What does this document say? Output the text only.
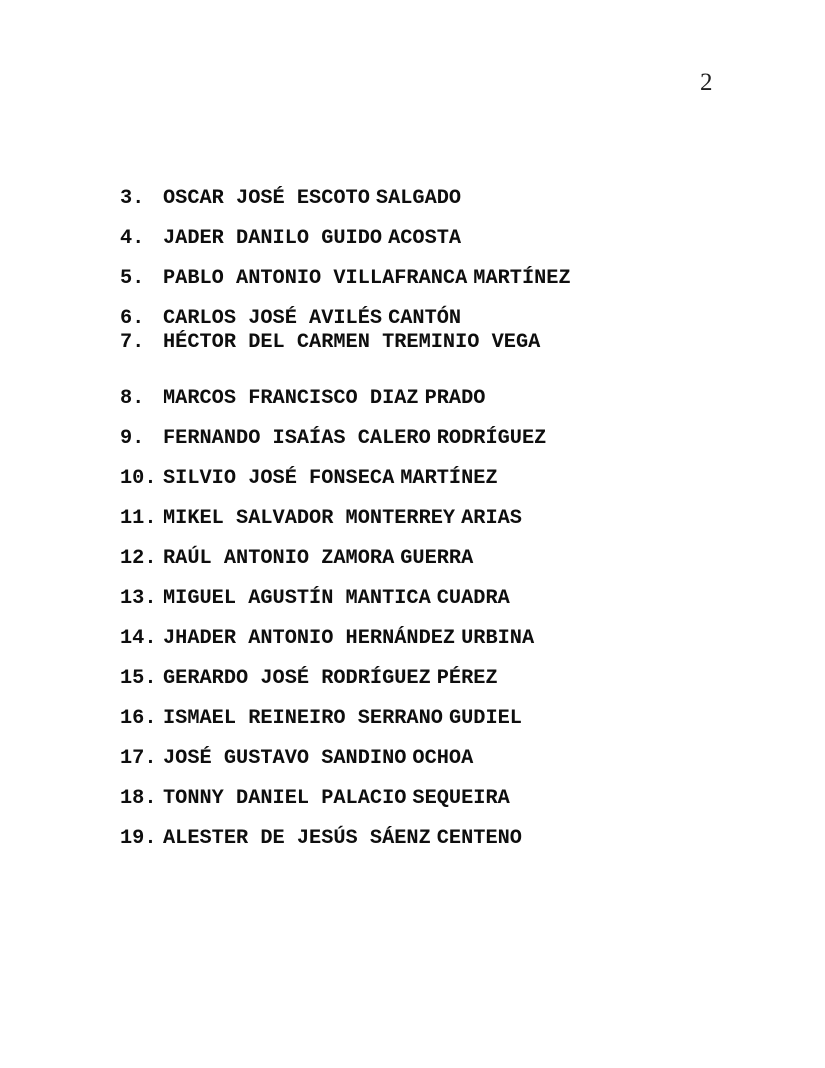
2
3. OSCAR JOSÉ ESCOTO SALGADO
4. JADER DANILO GUIDO ACOSTA
5. PABLO ANTONIO VILLAFRANCA MARTÍNEZ
6. CARLOS JOSÉ AVILÉS CANTÓN
7. HÉCTOR DEL CARMEN TREMINIO VEGA
8. MARCOS FRANCISCO DIAZ PRADO
9. FERNANDO ISAÍAS CALERO RODRÍGUEZ
10. SILVIO JOSÉ FONSECA MARTÍNEZ
11. MIKEL SALVADOR MONTERREY ARIAS
12. RAÚL ANTONIO ZAMORA GUERRA
13. MIGUEL AGUSTÍN MANTICA CUADRA
14. JHADER ANTONIO HERNÁNDEZ URBINA
15. GERARDO JOSÉ RODRÍGUEZ PÉREZ
16. ISMAEL REINEIRO SERRANO GUDIEL
17. JOSÉ GUSTAVO SANDINO OCHOA
18. TONNY DANIEL PALACIO SEQUEIRA
19. ALESTER DE JESÚS SÁENZ CENTENO
